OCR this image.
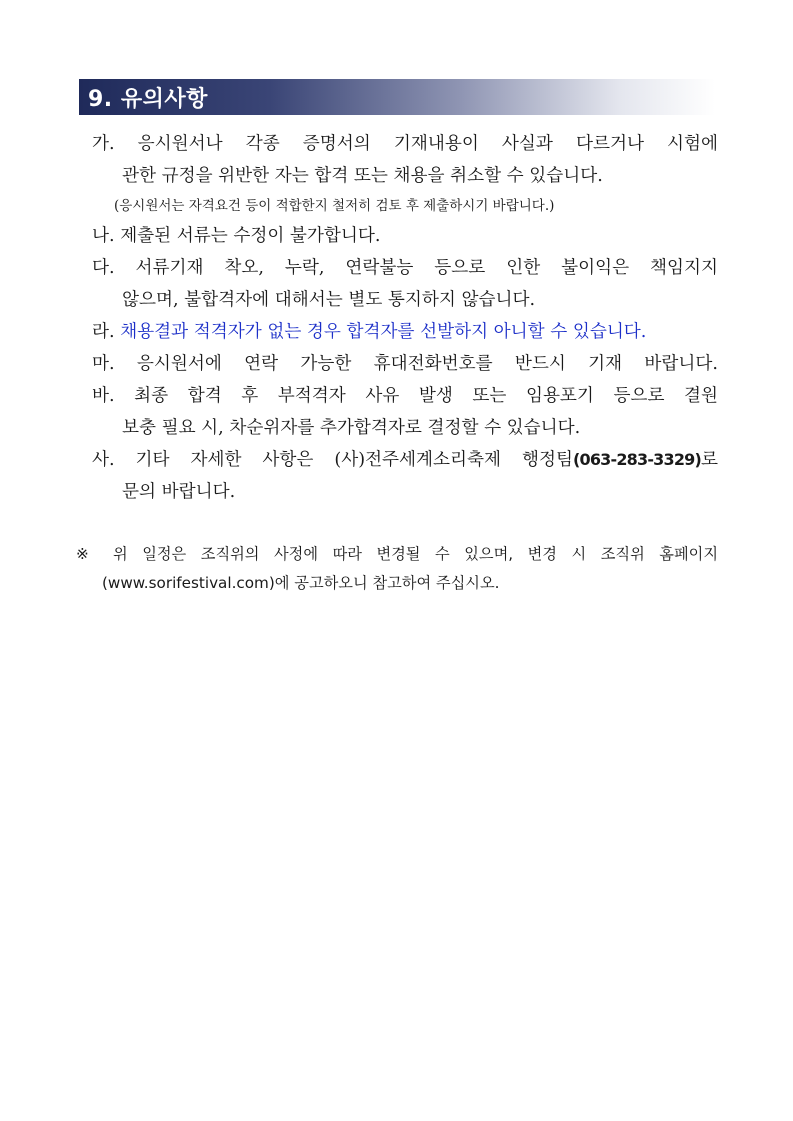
9. 유의사항
가. 응시원서나 각종 증명서의 기재내용이 사실과 다르거나 시험에
관한 규정을 위반한 자는 합격 또는 채용을 취소할 수 있습니다.
(응시원서는 자격요건 등이 적합한지 철저히 검토 후 제출하시기 바랍니다.)
나. 제출된 서류는 수정이 불가합니다.
다. 서류기재 착오, 누락, 연락불능 등으로 인한 불이익은 책임지지
않으며, 불합격자에 대해서는 별도 통지하지 않습니다.
라. 채용결과 적격자가 없는 경우 합격자를 선발하지 아니할 수 있습니다.
마. 응시원서에 연락 가능한 휴대전화번호를 반드시 기재 바랍니다.
바. 최종 합격 후 부적격자 사유 발생 또는 임용포기 등으로 결원
보충 필요 시, 차순위자를 추가합격자로 결정할 수 있습니다.
사. 기타 자세한 사항은 (사)전주세계소리축제 행정팀(063-283-3329)로
문의 바랍니다.
※ 위 일정은 조직위의 사정에 따라 변경될 수 있으며, 변경 시 조직위 홈페이지
(www.sorifestival.com)에 공고하오니 참고하여 주십시오.
